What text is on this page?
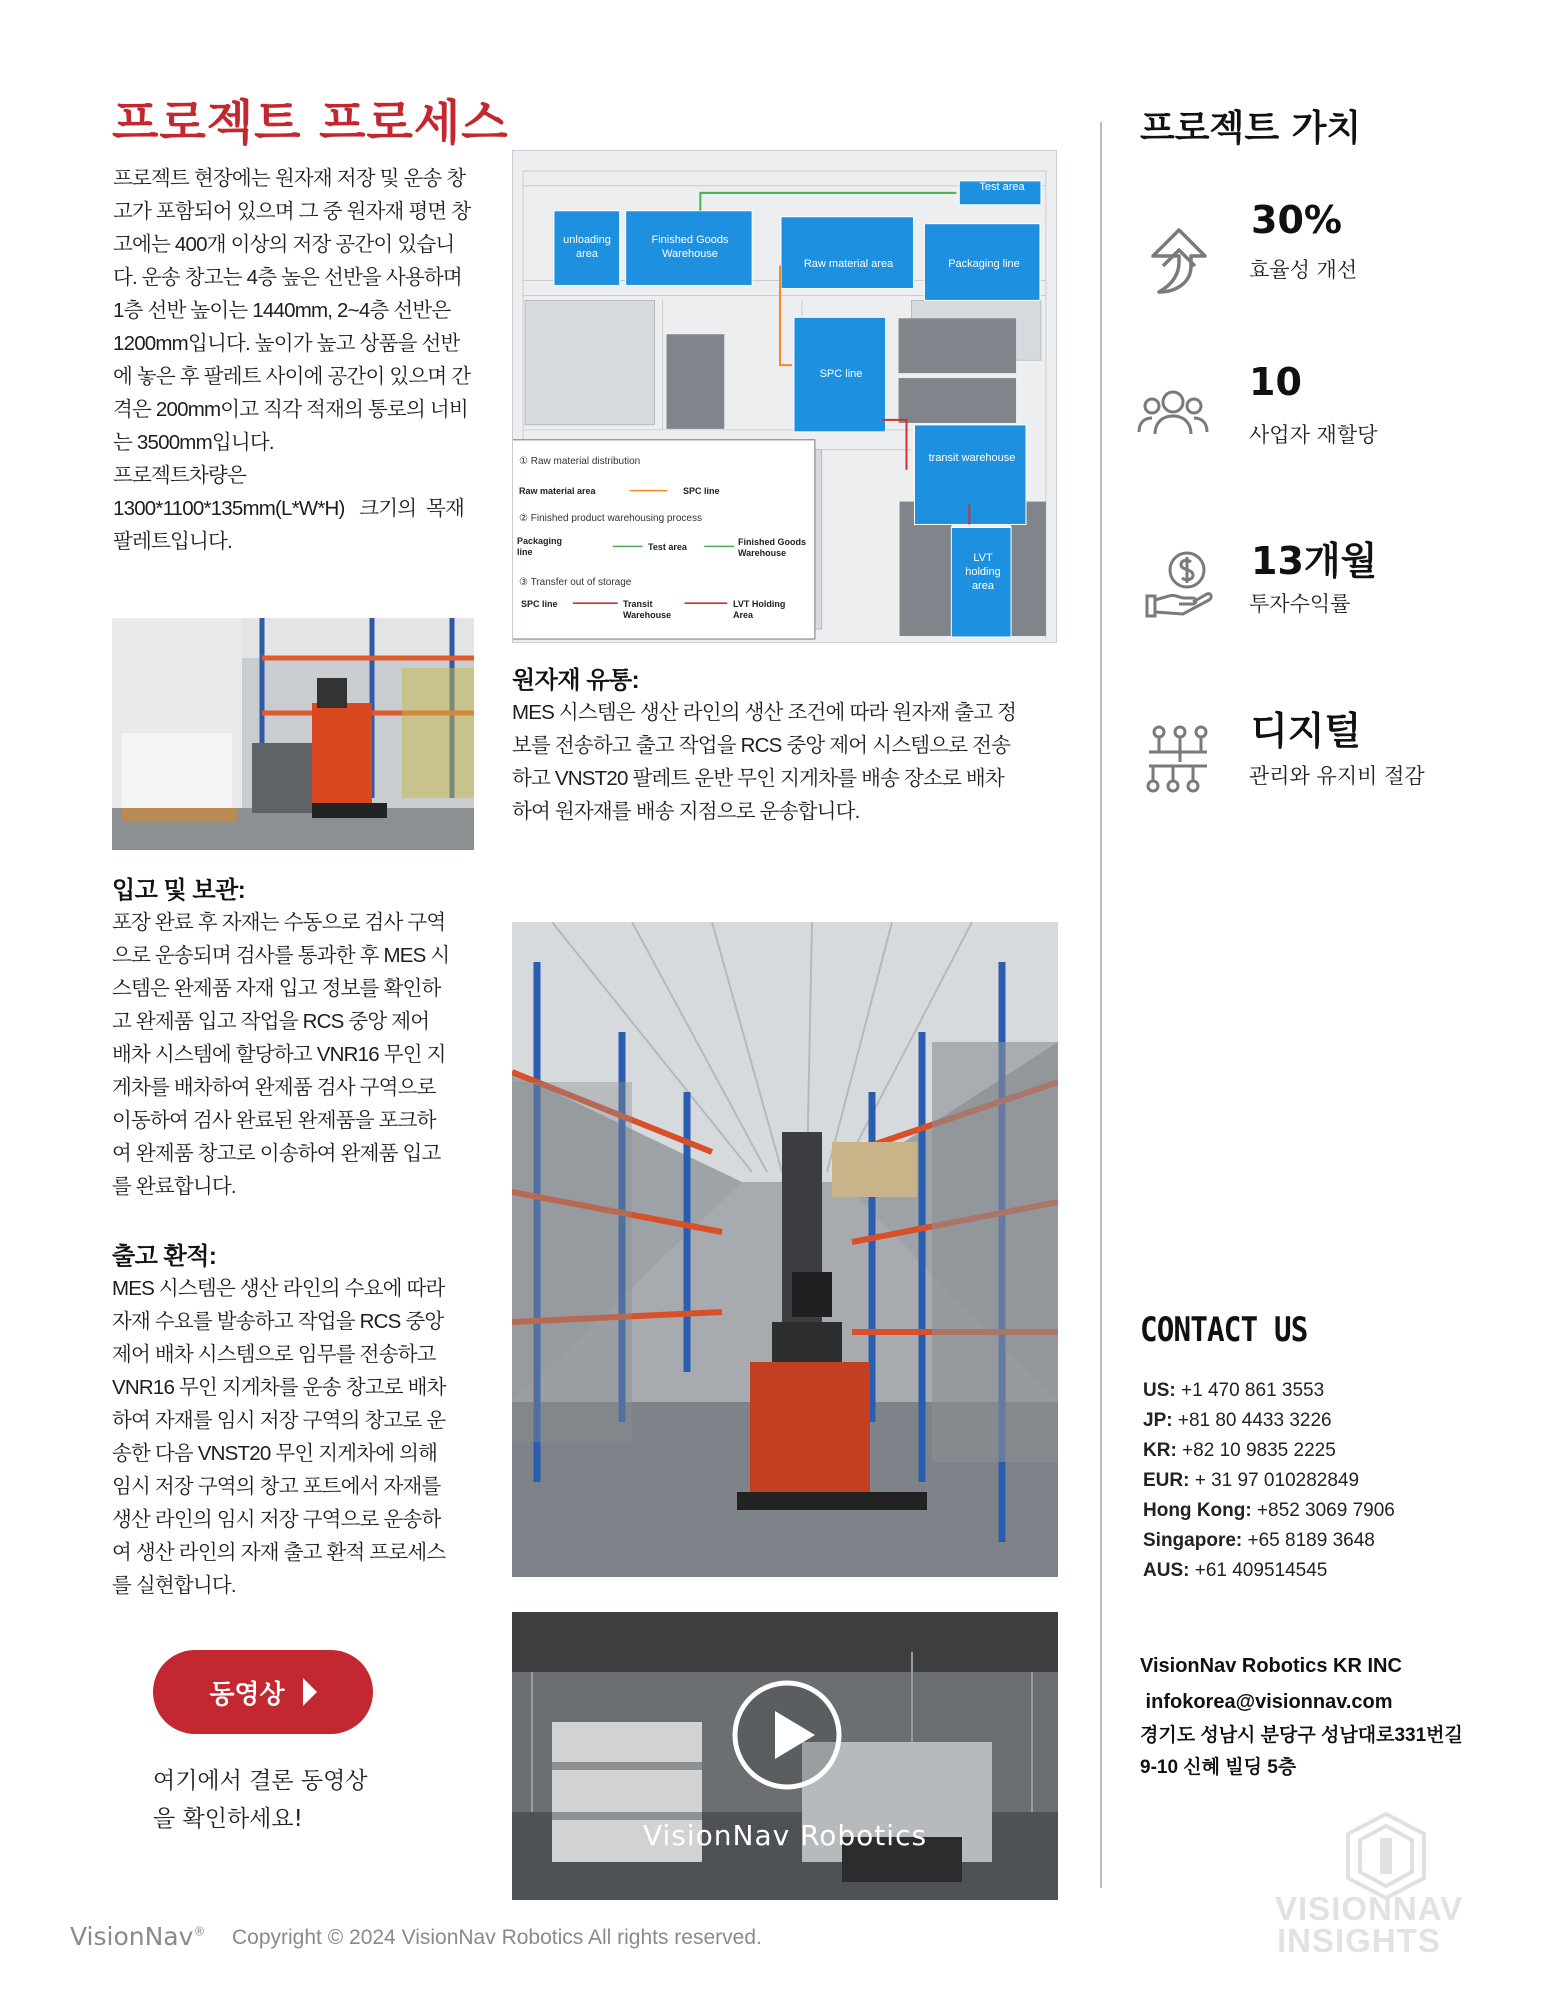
프로젝트 프로세스
프로젝트 현장에는 원자재 저장 및 운송 창
고가 포함되어 있으며 그 중 원자재 평면 창
고에는 400개 이상의 저장 공간이 있습니
다. 운송 창고는 4층 높은 선반을 사용하며
1층 선반 높이는 1440mm, 2~4층 선반은
1200mm입니다. 높이가 높고 상품을 선반
에 놓은 후 팔레트 사이에 공간이 있으며 간
격은 200mm이고 직각 적재의 통로의 너비
는 3500mm입니다.
프로젝트차량은
1300*1100*135mm(L*W*H)   크기의  목재
팔레트입니다.
Test area
unloading area
Finished Goods Warehouse
Raw material area	Packaging line
SPC line
transit warehouse
LVT holding area
① Raw material distribution
Raw material area	SPC line
② Finished product warehousing process
Packaging line	Test area	Finished Goods Warehouse
③ Transfer out of storage
SPC line	Transit Warehouse
LVT Holding Area
원자재 유통:
MES 시스템은 생산 라인의 생산 조건에 따라 원자재 출고 정
보를 전송하고 출고 작업을 RCS 중앙 제어 시스템으로 전송
하고 VNST20 팔레트 운반 무인 지게차를 배송 장소로 배차
하여 원자재를 배송 지점으로 운송합니다.
입고 및 보관:
포장 완료 후 자재는 수동으로 검사 구역
으로 운송되며 검사를 통과한 후 MES 시
스템은 완제품 자재 입고 정보를 확인하
고 완제품 입고 작업을 RCS 중앙 제어
배차 시스템에 할당하고 VNR16 무인 지
게차를 배차하여 완제품 검사 구역으로
이동하여 검사 완료된 완제품을 포크하
여 완제품 창고로 이송하여 완제품 입고
를 완료합니다.
출고 환적:
MES 시스템은 생산 라인의 수요에 따라
자재 수요를 발송하고 작업을 RCS 중앙
제어 배차 시스템으로 임무를 전송하고
VNR16 무인 지게차를 운송 창고로 배차
하여 자재를 임시 저장 구역의 창고로 운
송한 다음 VNST20 무인 지게차에 의해
임시 저장 구역의 창고 포트에서 자재를
생산 라인의 임시 저장 구역으로 운송하
여 생산 라인의 자재 출고 환적 프로세스
를 실현합니다.
VisionNav Robotics
동영상
여기에서 결론 동영상
을 확인하세요!
프로젝트 가치
30%
효율성 개선
10
사업자 재할당
13개월
투자수익률
디지털
관리와 유지비 절감
CONTACT US
US: +1 470 861 3553
JP: +81 80 4433 3226
KR: +82 10 9835 2225
EUR: + 31 97 010282849
Hong Kong: +852 3069 7906
Singapore: +65 8189 3648
AUS: +61 409514545
VisionNav Robotics KR INC
infokorea@visionnav.com
경기도 성남시 분당구 성남대로331번길
9-10 신혜 빌딩 5층
VisionNav® Copyright © 2024 VisionNav Robotics All rights reserved.
VISIONNAV
INSIGHTS
